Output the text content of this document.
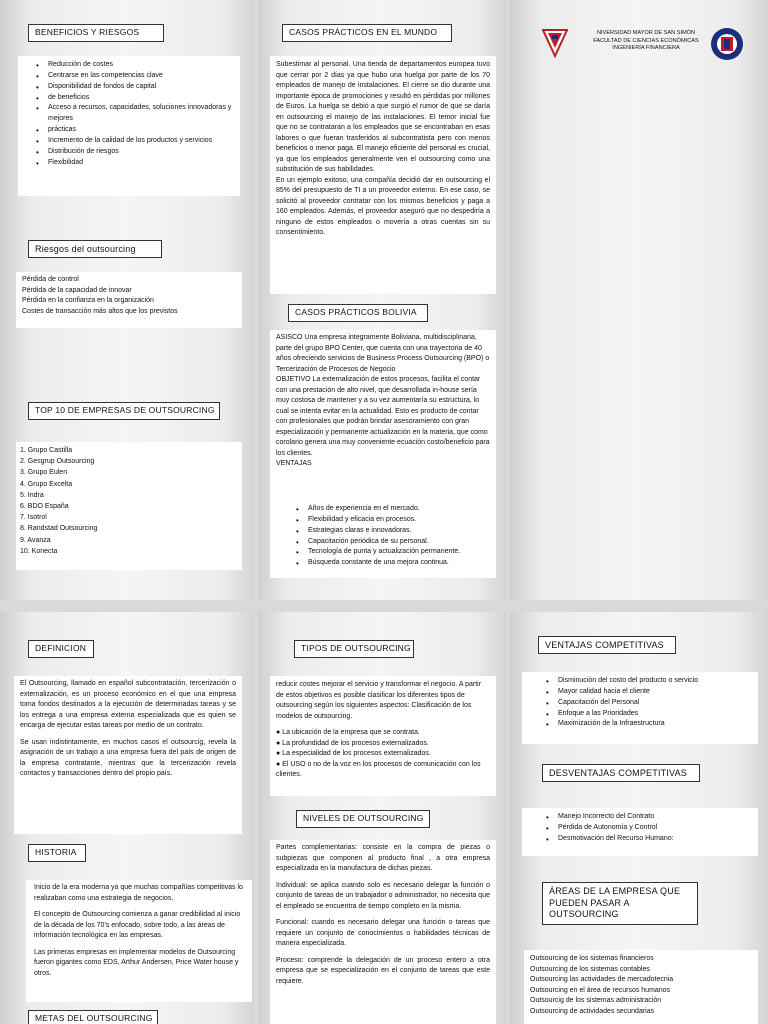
BENEFICIOS Y RIESGOS
• Reducción de costes
• Centrarse en las competencias clave
• Disponibilidad de fondos de capital
• de beneficios
• Acceso a recursos, capacidades, soluciones innovadoras y mejores
• prácticas
• Incremento de la calidad de los productos y servicios
• Distribución de riesgos
• Flexibilidad
Riesgos del outsourcing
Pérdida de control
Pérdida de la capacidad de innovar
Pérdida en la confianza en la organización
Costes de transacción más altos que los previstos
TOP 10 DE EMPRESAS DE OUTSOURCING
1. Grupo Castilla
2. Gesgrup Outsourcing
3. Grupo Eulen
4. Grupo Excelta
5. Indra
6. BDO España
7. Isotrol
8. Randstad Outsourcing
9. Avanza
10. Konecta
CASOS PRÁCTICOS EN EL MUNDO

Subestimar al personal. Una tienda de departamentos europea tuvo que cerrar por 2 días ya que hubo una huelga por parte de los 70 empleados de manejo de instalaciones. El cierre se dio durante una importante época de promociones y resultó en pérdidas por millones de Euros. La huelga se debió a que surgió el rumor de que se daría en outsourcing el manejo de las instalaciones. El temor inicial fue que no se contrataran a los empleados que se encontraban en esas labores o que fueran trasferidos al subcontratista pero con menos beneficios o menor paga. El manejo eficiente del personal es crucial, ya que los empleados generalmente ven el outsourcing como una substitución de sus habilidades.

En un ejemplo exitoso, una compañía decidió dar en outsourcing el 85% del presupuesto de TI a un proveedor externo. En ese caso, se solicitó al proveedor contratar con los mismos beneficios y paga a 160 empleados. Además, el proveedor aseguró que no despediría a ninguno de estos empleados o movería a otras cuentas sin su consentimiento.

CASOS PRÁCTICOS BOLIVIA

ASISCO Una empresa integramente Boliviana, multidisciplinaria, parte del grupo BPO Center, que cuenta con una trayectoria de 40 años ofreciendo servicios de Business Process Outsourcing (BPO) o Tercerización de Procesos de Negocio

OBJETIVO La externalización de estos procesos, facilita el contar con una prestación de alto nivel, que desarrollada in-house sería muy costosa de mantener y a su vez aumentaría su estructura, lo cual se intenta evitar en la actualidad. Esto es producto de contar con profesionales que podrán brindar asesoramiento con gran especialización y permanente actualización en la materia, que como corolario genera una muy conveniente ecuación costo/beneficio para los clientes.

VENTAJAS

• Años de experiencia en el mercado.
• Flexibilidad y eficacia en procesos.
• Estrategias claras e innovadoras.
• Capacitación periódica de su personal.
• Tecnología de punta y actualización permanente.
• Búsqueda constante de una mejora continua.
NIVERSIDAD MAYOR DE SAN SIMÓN
FACULTAD DE CIENCIAS ECONÓMICAS
INGENIERÍA FINANCIERA
DEFINICION

El Outsourcing, llamado en español subcontratación, tercerización o externalización, es un proceso económico en el que una empresa toma fondos destinados a la ejecución de determinadas tareas y se los entrega a una empresa externa especializada que es quien se encarga de ejecutar estas tareas por medio de un contrato.

Se usan indistintamente, en muchos casos el outsourcig, revela la asignación de un trabajo a una empresa fuera del país de origen de la empresa contratante, mientras que la tercerización revela contactos y transacciones dentro del propio país.

HISTORIA

Inicio de la era moderna ya que muchas compañías competitivas lo realizaban como una estrategia de negocios.

El concepto de Outsourcing comienza a ganar credibilidad al inicio de la década de los 70's enfocado, sobre todo, a las áreas de información tecnológica en las empresas.

Las primeras empresas en implementar modelos de Outsourcing fueron gigantes como EDS, Arthur Andersen, Price Water house y otros.

METAS DEL OUTSOURCING
TIPOS DE OUTSOURCING

reducir costes mejorar el servicio y transformar el negocio. A partir de estos objetivos es posible clasificar los diferentes tipos de outsourcing según los siguientes aspectos: Clasificación de los modelos de outsourcing.

● La ubicación de la empresa que se contrata.
● La profundidad de los procesos externalizados.
● La especialidad de los procesos externalizados.
● El USO o no de la voz en los procesos de comunicación con los clientes.
NIVELES DE OUTSOURCING

Partes complementarias: consiste en la compra de piezas o subpiezas que componen al producto final , a otra empresa especializada en la manufactura de dichas piezas.

Individual: se aplica cuando solo es necesario delegar la función o conjunto de tareas de un trabajador o administrador, no necesita que el empleado se encuentra de tiempo completo en la misma.

Funcional: cuando es necesario delegar una función o tareas que requiere un conjunto de conocimientos o habilidades técnicas de manera especializada.

Proceso: comprende la delegación de un proceso entero a otra empresa que se especialización en el conjunto de tareas que este requiere.

VENTAJAS COMPETITIVAS
• Disminución del costo del producto o servicio
• Mayor calidad hacia el cliente
• Capacitación del Personal
• Enfoque a las Prioridades
• Maximización de la Infraestructura
DESVENTAJAS COMPETITIVAS
• Manejo Incorrecto del Contrato
• Pérdida de Autonomía y Control
• Desmotivación del Recurso Humano:
ÁREAS DE LA EMPRESA QUE PUEDEN PASAR A OUTSOURCING
Outsourcing de los sistemas financieros
Outsourcing de los sistemas contables
Outsourcing las actividades de mercadotecnia
Outsourcing en el área de recursos humanos
Outsourcig de los sistemas administración
Outsourcing de actividades secundarias
